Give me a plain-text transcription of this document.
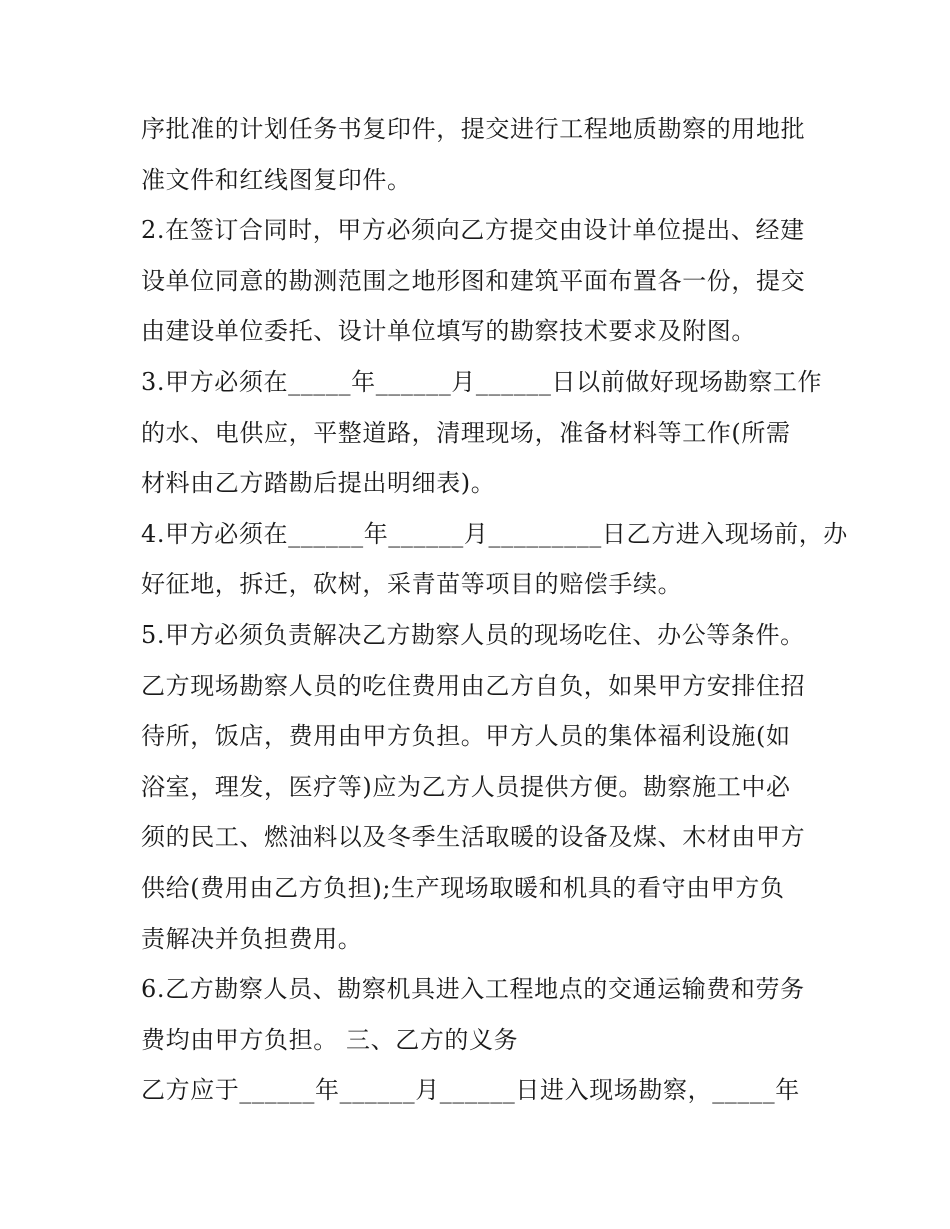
序批准的计划任务书复印件，提交进行工程地质勘察的用地批
准文件和红线图复印件。
2.在签订合同时，甲方必须向乙方提交由设计单位提出、经建
设单位同意的勘测范围之地形图和建筑平面布置各一份，提交
由建设单位委托、设计单位填写的勘察技术要求及附图。
3.甲方必须在_____年______月______日以前做好现场勘察工作
的水、电供应，平整道路，清理现场，准备材料等工作(所需
材料由乙方踏勘后提出明细表)。
4.甲方必须在______年______月_________日乙方进入现场前，办
好征地，拆迁，砍树，采青苗等项目的赔偿手续。
5.甲方必须负责解决乙方勘察人员的现场吃住、办公等条件。
乙方现场勘察人员的吃住费用由乙方自负，如果甲方安排住招
待所，饭店，费用由甲方负担。甲方人员的集体福利设施(如
浴室，理发，医疗等)应为乙方人员提供方便。勘察施工中必
须的民工、燃油料以及冬季生活取暖的设备及煤、木材由甲方
供给(费用由乙方负担);生产现场取暖和机具的看守由甲方负
责解决并负担费用。
6.乙方勘察人员、勘察机具进入工程地点的交通运输费和劳务
费均由甲方负担。 三、乙方的义务
乙方应于______年______月______日进入现场勘察，_____年
